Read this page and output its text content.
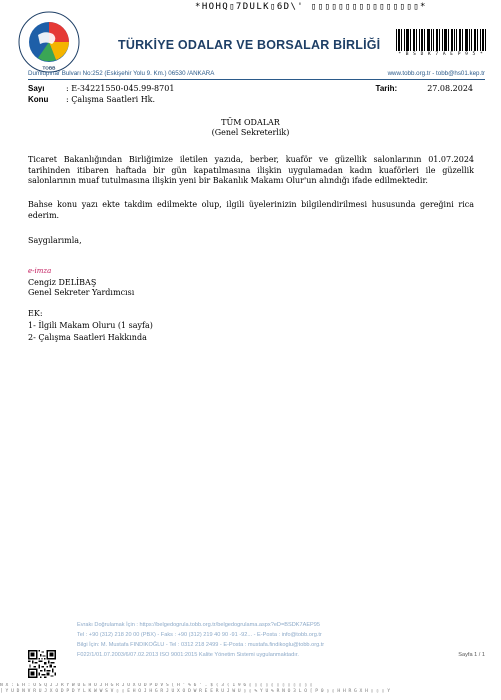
*HOHQ▯7DULK▯6D\' ▯▯▯▯▯▯▯▯▯▯▯▯▯▯▯▯*
TOBB
TÜRKİYE ODALAR VE BORSALAR BİRLİĞİ
* B S D K 7 A E P 9 5 *
Dumlupınar Bulvarı No:252 (Eskişehir Yolu 9. Km.) 06530 /ANKARA	www.tobb.org.tr - tobb@hs01.kep.tr
Sayı	: E-34221550-045.99-8701
Konu : Çalışma Saatleri Hk.
Tarih:	27.08.2024
TÜM ODALAR
(Genel Sekreterlik)
Ticaret Bakanlığından Birliğimize iletilen yazıda, berber, kuaför ve güzellik salonlarının 01.07.2024 tarihinden itibaren haftada bir gün kapatılmasına ilişkin uygulamadan kadın kuaförleri ile güzellik salonlarının muaf tutulmasına ilişkin yeni bir Bakanlık Makamı Olur'un alındığı ifade edilmektedir.
Bahse konu yazı ekte takdim edilmekte olup, ilgili üyelerinizin bilgilendirilmesi hususunda gereğini rica ederim.
Saygılarımla,
e-imza
Cengiz DELİBAŞ
Genel Sekreter Yardımcısı
EK:
1- İlgili Makam Oluru (1 sayfa)
2- Çalışma Saatleri Hakkında
Evrakı Doğrulamak İçin : https://belgedogrula.tobb.org.tr/belgedogrulama.aspx?eD=BSDK7AEP95
Tel : +90 (312) 218 20 00 (PBX) - Faks : +90 (312) 219 40 90 -91 -92... - E-Posta : info@tobb.org.tr
Bilgi İçin: M. Mustafa FINDIKOĞLU - Tel : 0312 218 2499 - E-Posta : mustafa.findikoglu@tobb.org.tr
F022/1/01.07.2003/6/07.02.2013 ISO 9001:2015 Kalite Yönetim Sistemi uygulanmaktadır.	Sayfa 1 / 1
N X : E H : O S Q J J R Y W U E H O J H G R J U X O D P D V S [ H ' % 6 ' . $ ( 3 ( 1 9 6 ▯ ▯ ▯ ▯ ▯ ▯ ▯ ▯ ▯ ▯ ▯ ▯
[ Y U D N V R U J X O D P D Y L K W W S V ▯ ▯ E H O J H G R J U X O D W R E E R U J W U ▯ ▯ % Y U % R N O 3 L O [ P 0 ▯ ▯ H H R G X H ▯ ▯ ▯ Y
